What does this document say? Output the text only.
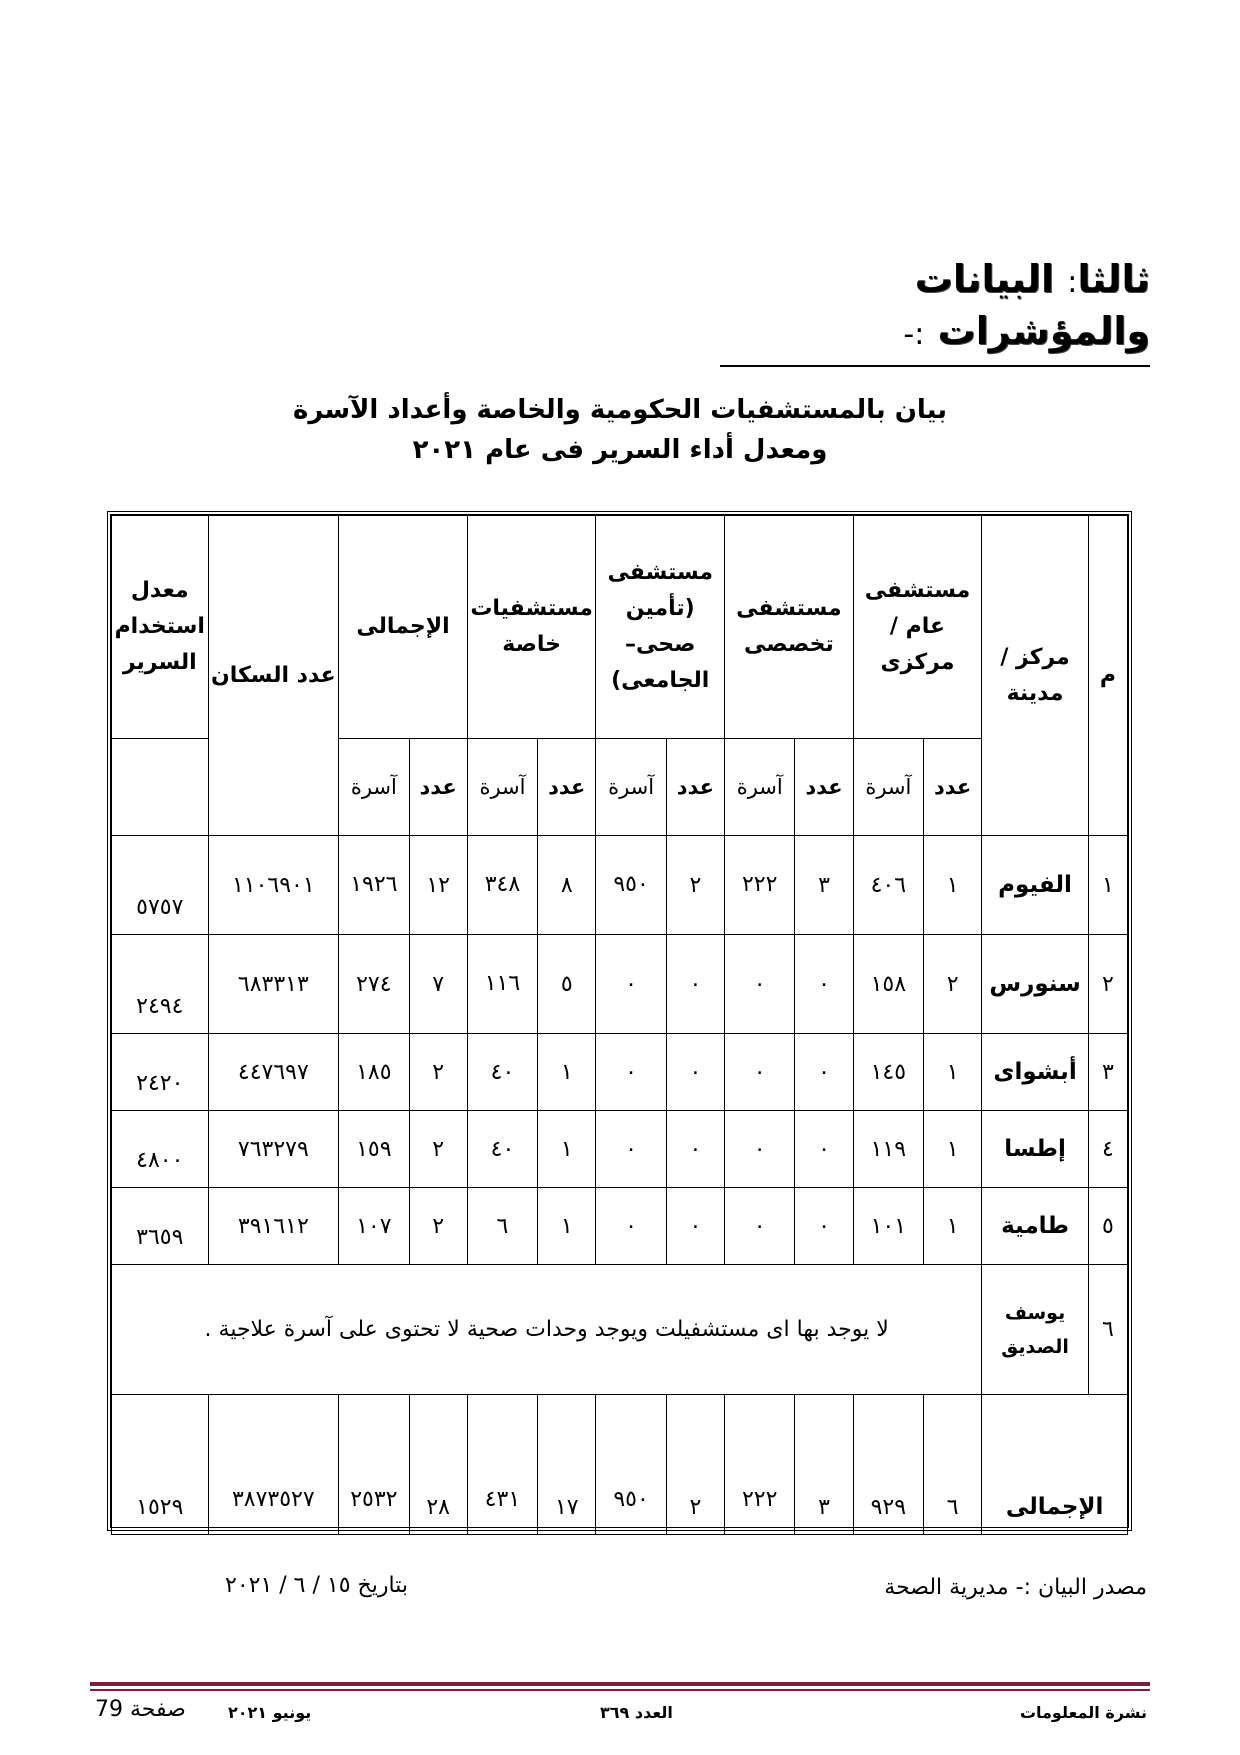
ثالثا: البيانات والمؤشرات :-
بيان بالمستشفيات الحكومية والخاصة وأعداد الآسرة
ومعدل أداء السرير فى عام ٢٠٢١
م	مركز / مدينة	مستشفى عام / مركزى		مستشفى تخصصى		مستشفى (تأمين صحى– الجامعى)		مستشفيات خاصة		الإجمالى		عدد السكان	معدل استخدام السرير
		عدد	آسرة	عدد	آسرة	عدد	آسرة	عدد	آسرة	عدد	آسرة		
١	الفيوم	١	٤٠٦	٣	٢٢٢	٢	٩٥٠	٨	٣٤٨	١٢	١٩٢٦	١١٠٦٩٠١	٥٧٥٧
٢	سنورس	٢	١٥٨	٠	٠	٠	٠	٥	١١٦	٧	٢٧٤	٦٨٣٣١٣	٢٤٩٤
٣	أبشواى	١	١٤٥	٠	٠	٠	٠	١	٤٠	٢	١٨٥	٤٤٧٦٩٧	٢٤٢٠
٤	إطسا	١	١١٩	٠	٠	٠	٠	١	٤٠	٢	١٥٩	٧٦٣٢٧٩	٤٨٠٠
٥	طامية	١	١٠١	٠	٠	٠	٠	١	٦	٢	١٠٧	٣٩١٦١٢	٣٦٥٩
٦	يوسف الصديق	لا يوجد بها اى مستشفيلت ويوجد وحدات صحية لا تحتوى على آسرة علاجية .											
الإجمالى		٦	٩٢٩	٣	٢٢٢	٢	٩٥٠	١٧	٤٣١	٢٨	٢٥٣٢	٣٨٧٣٥٢٧	١٥٢٩
مصدر البيان :- مديرية الصحة
بتاريخ ١٥ / ٦ / ٢٠٢١
نشرة المعلومات
العدد ٣٦٩
يونيو ٢٠٢١
صفحة 79
